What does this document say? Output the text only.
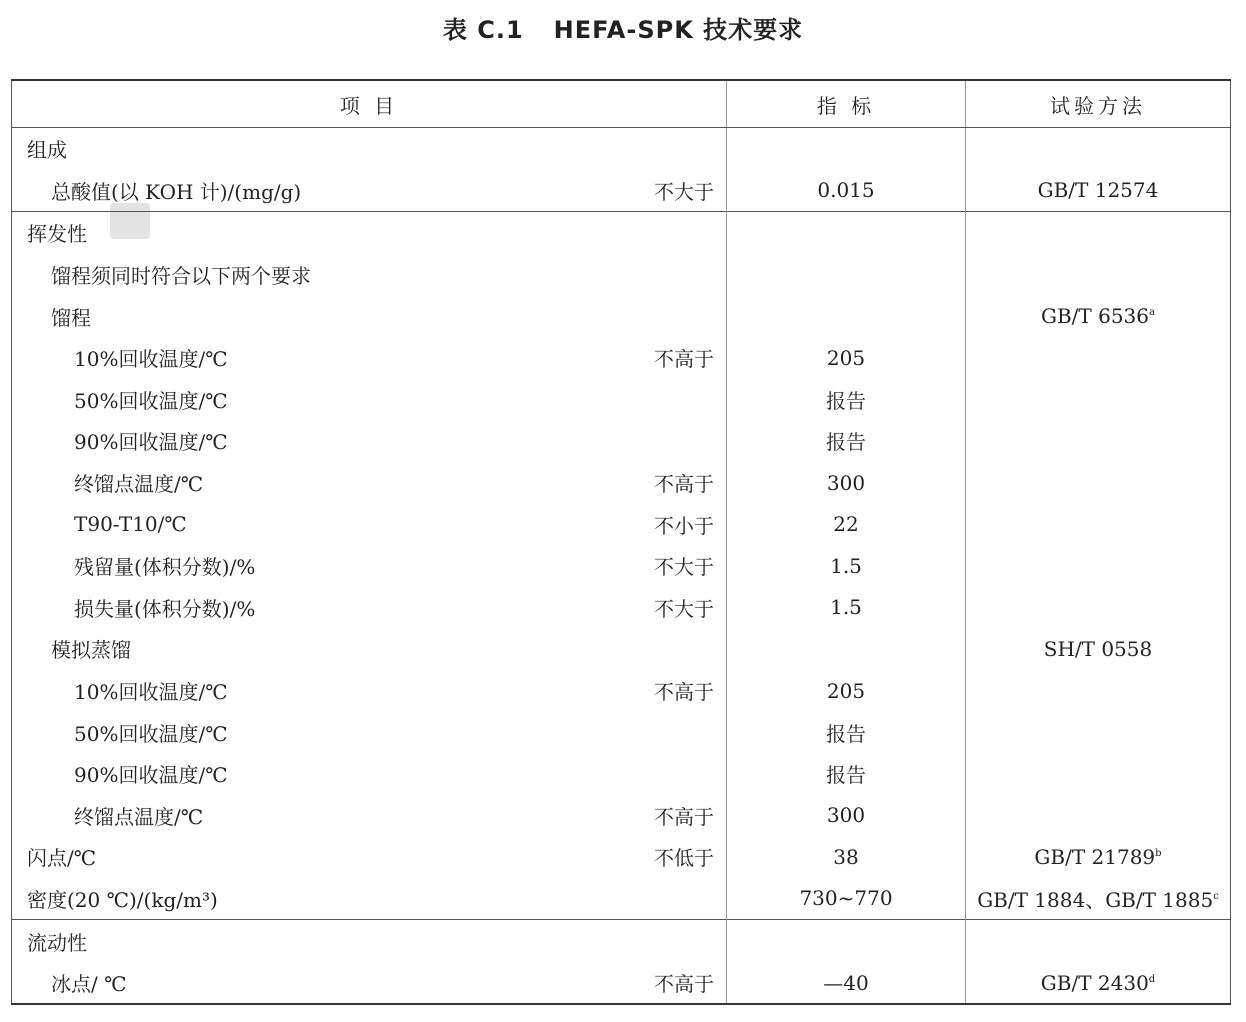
表 C.1 HEFA-SPK 技术要求
项 目	指 标	试验方法

组成		

总酸值(以 KOH 计)/(mg/g) 不大于	0.015	GB/T 12574

挥发性		

馏程须同时符合以下两个要求		

馏程		GB/T 6536$^a$

10%回收温度/℃ 不高于	205	

50%回收温度/℃	报告	

90%回收温度/℃	报告	

终馏点温度/℃ 不高于	300	

T90-T10/℃ 不小于	22	

残留量(体积分数)/% 不大于	1.5	

损失量(体积分数)/% 不大于	1.5	

模拟蒸馏		SH/T 0558

10%回收温度/℃ 不高于	205	

50%回收温度/℃	报告	

90%回收温度/℃	报告	

终馏点温度/℃ 不高于	300	

闪点/℃ 不低于	38	GB/T 21789$^b$

密度(20 ℃)/(kg/m³)	730~770	GB/T 1884、GB/T 1885$^c$

流动性		

冰点/ ℃ 不高于	—40	GB/T 2430$^d$
